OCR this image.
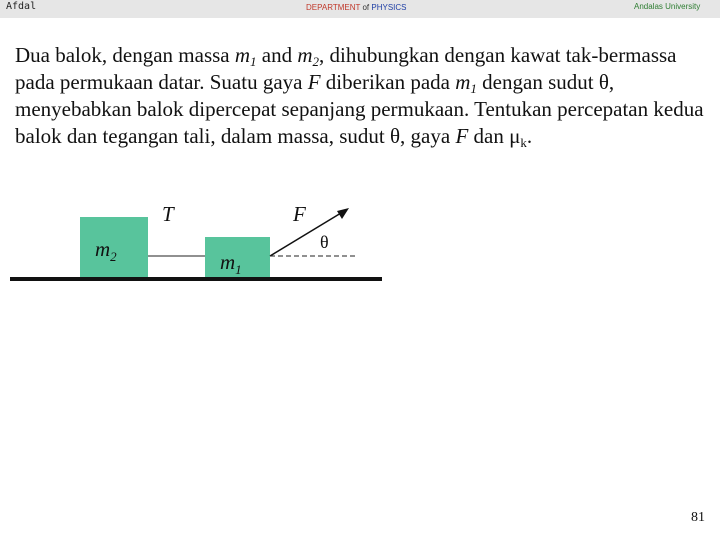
Afdal	DEPARTMENT of PHYSICS	Andalas University
Dua balok, dengan massa $m_1$ and $m_2$, dihubungkan dengan kawat tak-bermassa pada permukaan datar. Suatu gaya F diberikan pada $m_1$ dengan sudut θ, menyebabkan balok dipercepat sepanjang permukaan. Tentukan percepatan kedua balok dan tegangan tali, dalam massa, sudut θ, gaya F dan $\mu_k$.
$m_2$	$m_1$
T	F
θ
81
